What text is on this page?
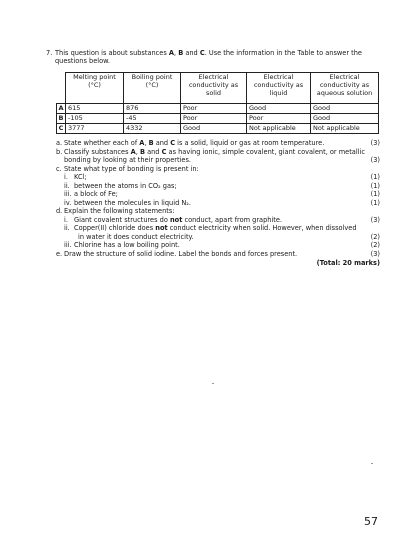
7. This question is about substances A, B and C. Use the information in the Table to answer the questions below.
	Melting point (°C)	Boiling point (°C)	Electrical conductivity as solid	Electrical conductivity as liquid	Electrical conductivity as aqueous solution
A	615	876	Poor	Good	Good
B	-105	-45	Poor	Poor	Good
C	3777	4332	Good	Not applicable	Not applicable
a. State whether each of A, B and C is a solid, liquid or gas at room temperature.	(3)
b. Classify substances A, B and C as having ionic, simple covalent, giant covalent, or metallic
bonding by looking at their properties.	(3)
c. State what type of bonding is present in:
i. KCl;	(1)
ii. between the atoms in CO₂ gas;	(1)
iii. a block of Fe;	(1)
iv. between the molecules in liquid N₂.	(1)
d. Explain the following statements:
i. Giant covalent structures do not conduct, apart from graphite.	(3)
ii. Copper(II) chloride does not conduct electricity when solid. However, when dissolved
in water it does conduct electricity.	(2)
iii. Chlorine has a low boiling point.	(2)
e. Draw the structure of solid iodine. Label the bonds and forces present.	(3)
(Total: 20 marks)
57
